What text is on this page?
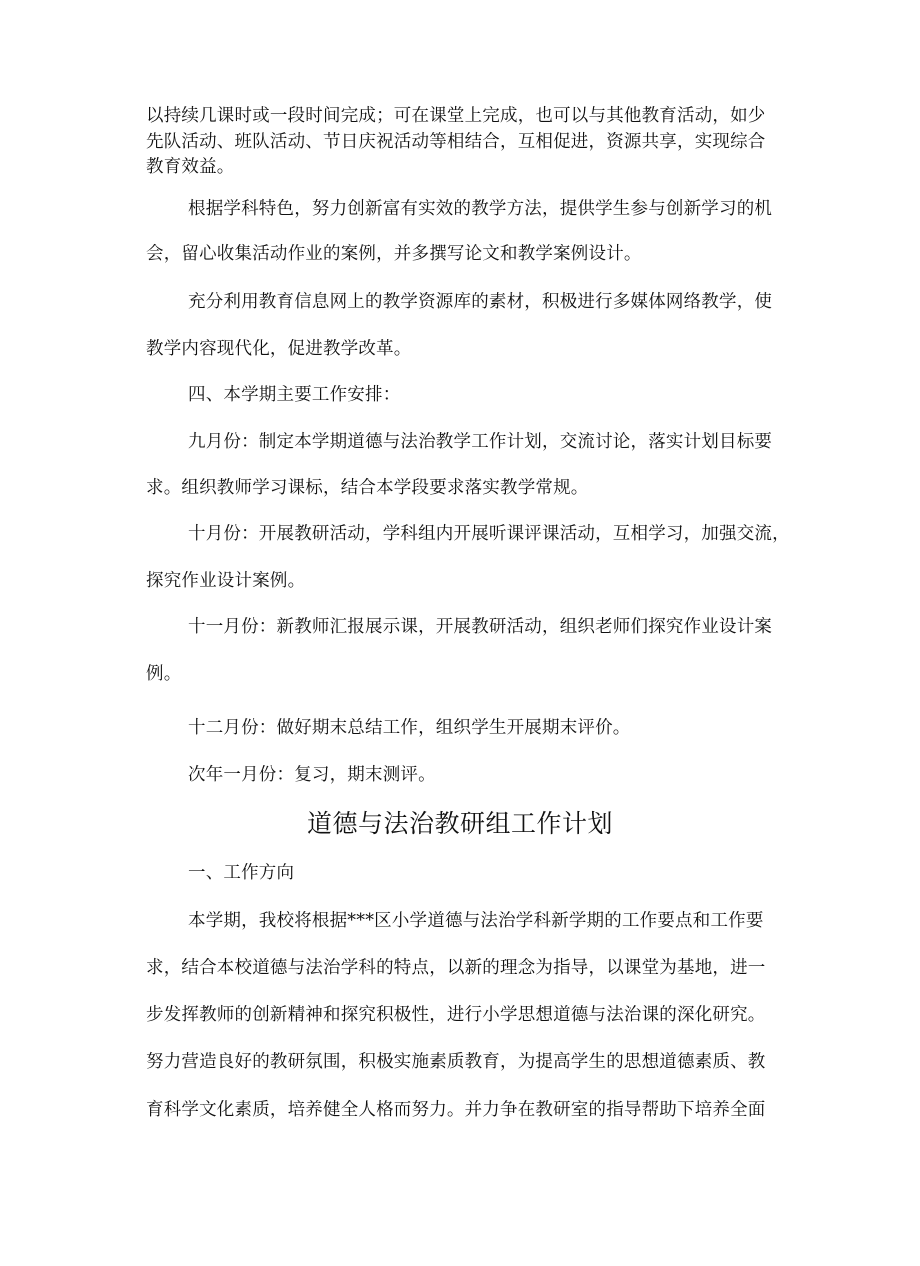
以持续几课时或一段时间完成；可在课堂上完成，也可以与其他教育活动，如少
先队活动、班队活动、节日庆祝活动等相结合，互相促进，资源共享，实现综合
教育效益。
根据学科特色，努力创新富有实效的教学方法，提供学生参与创新学习的机
会，留心收集活动作业的案例，并多撰写论文和教学案例设计。
充分利用教育信息网上的教学资源库的素材，积极进行多媒体网络教学，使
教学内容现代化，促进教学改革。
四、本学期主要工作安排：
九月份：制定本学期道德与法治教学工作计划，交流讨论，落实计划目标要
求。组织教师学习课标，结合本学段要求落实教学常规。
十月份：开展教研活动，学科组内开展听课评课活动，互相学习，加强交流，
探究作业设计案例。
十一月份：新教师汇报展示课，开展教研活动，组织老师们探究作业设计案
例。
十二月份：做好期末总结工作，组织学生开展期末评价。
次年一月份：复习，期末测评。
道德与法治教研组工作计划
一、工作方向
本学期，我校将根据***区小学道德与法治学科新学期的工作要点和工作要
求，结合本校道德与法治学科的特点，以新的理念为指导，以课堂为基地，进一
步发挥教师的创新精神和探究积极性，进行小学思想道德与法治课的深化研究。
努力营造良好的教研氛围，积极实施素质教育，为提高学生的思想道德素质、教
育科学文化素质，培养健全人格而努力。并力争在教研室的指导帮助下培养全面
